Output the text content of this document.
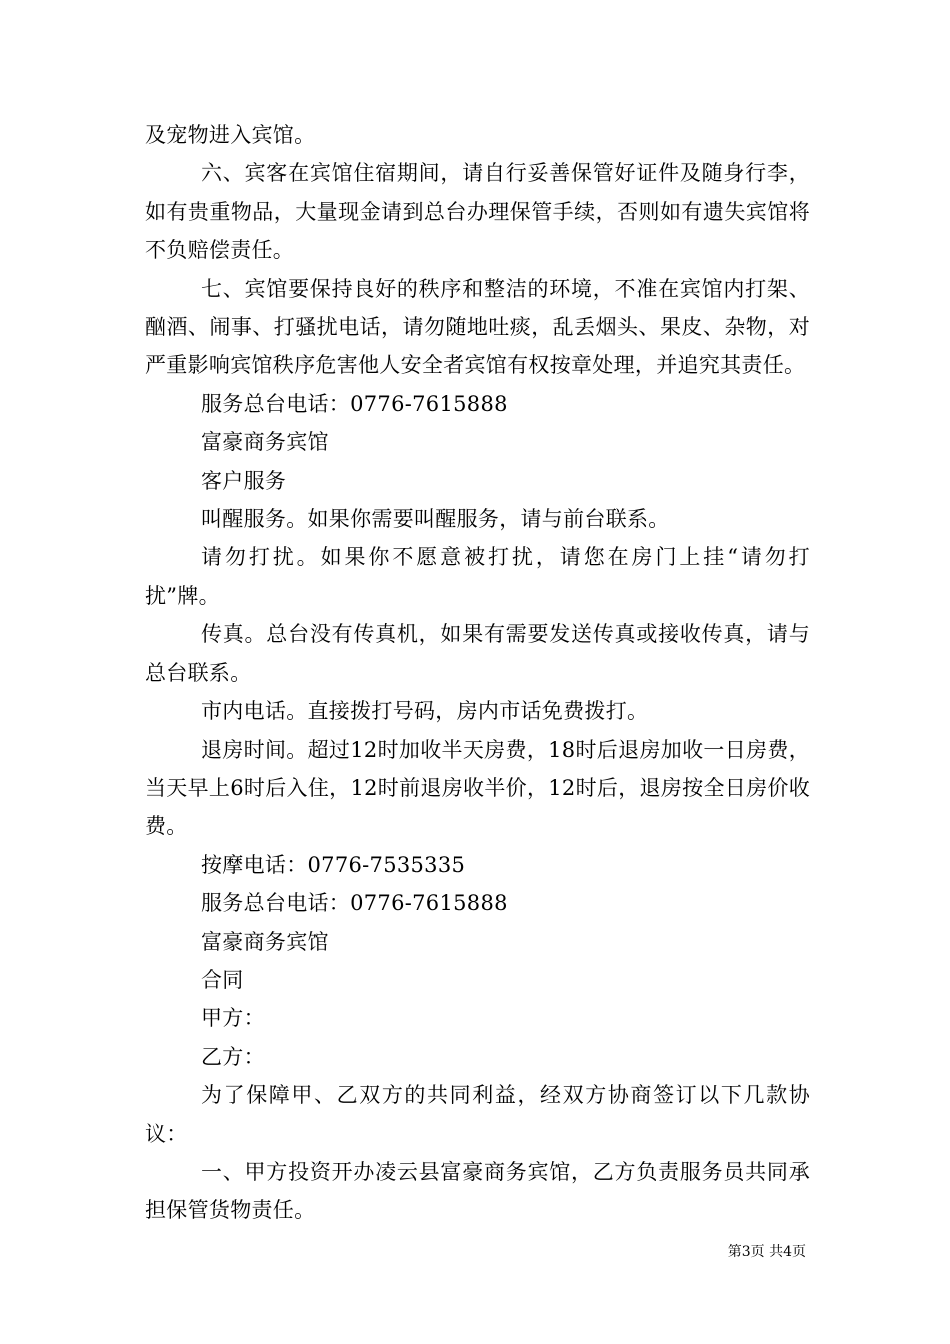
及宠物进入宾馆。

六、宾客在宾馆住宿期间，请自行妥善保管好证件及随身行李，如有贵重物品，大量现金请到总台办理保管手续，否则如有遗失宾馆将不负赔偿责任。

七、宾馆要保持良好的秩序和整洁的环境，不准在宾馆内打架、酗酒、闹事、打骚扰电话，请勿随地吐痰，乱丢烟头、果皮、杂物，对严重影响宾馆秩序危害他人安全者宾馆有权按章处理，并追究其责任。

服务总台电话：0776-7615888

富豪商务宾馆

客户服务

叫醒服务。如果你需要叫醒服务，请与前台联系。

请勿打扰。如果你不愿意被打扰，请您在房门上挂“请勿打扰”牌。

传真。总台没有传真机，如果有需要发送传真或接收传真，请与总台联系。

市内电话。直接拨打号码，房内市话免费拨打。

退房时间。超过12时加收半天房费，18时后退房加收一日房费，当天早上6时后入住，12时前退房收半价，12时后，退房按全日房价收费。

按摩电话：0776-7535335

服务总台电话：0776-7615888

富豪商务宾馆

合同

甲方：

乙方：

为了保障甲、乙双方的共同利益，经双方协商签订以下几款协议：

一、甲方投资开办凌云县富豪商务宾馆，乙方负责服务员共同承担保管货物责任。

第3页 共4页
